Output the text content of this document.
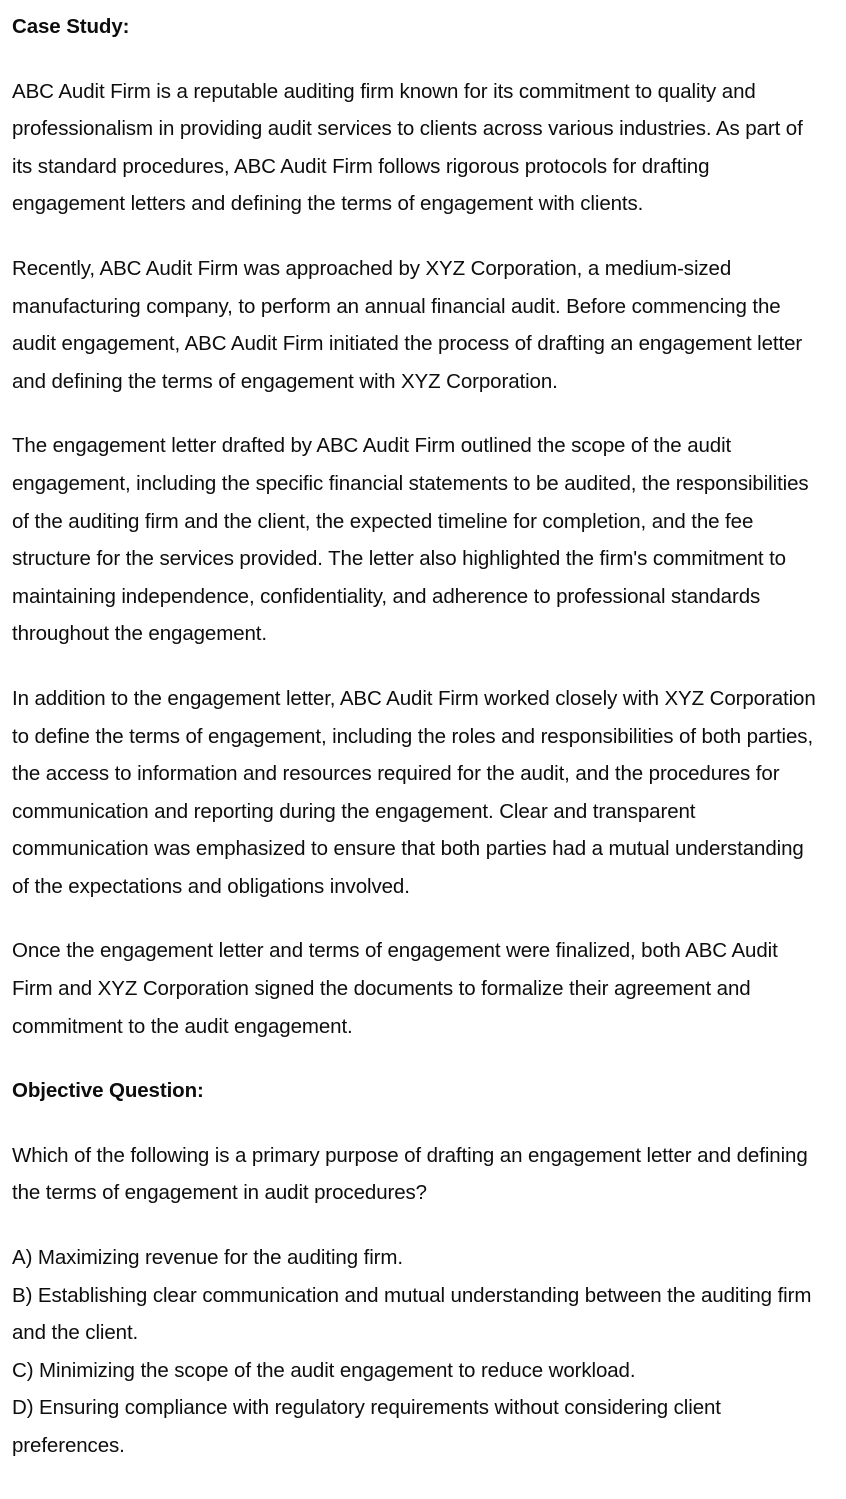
Case Study:

ABC Audit Firm is a reputable auditing firm known for its commitment to quality and professionalism in providing audit services to clients across various industries. As part of its standard procedures, ABC Audit Firm follows rigorous protocols for drafting engagement letters and defining the terms of engagement with clients.

Recently, ABC Audit Firm was approached by XYZ Corporation, a medium-sized manufacturing company, to perform an annual financial audit. Before commencing the audit engagement, ABC Audit Firm initiated the process of drafting an engagement letter and defining the terms of engagement with XYZ Corporation.

The engagement letter drafted by ABC Audit Firm outlined the scope of the audit engagement, including the specific financial statements to be audited, the responsibilities of the auditing firm and the client, the expected timeline for completion, and the fee structure for the services provided. The letter also highlighted the firm's commitment to maintaining independence, confidentiality, and adherence to professional standards throughout the engagement.

In addition to the engagement letter, ABC Audit Firm worked closely with XYZ Corporation to define the terms of engagement, including the roles and responsibilities of both parties, the access to information and resources required for the audit, and the procedures for communication and reporting during the engagement. Clear and transparent communication was emphasized to ensure that both parties had a mutual understanding of the expectations and obligations involved.

Once the engagement letter and terms of engagement were finalized, both ABC Audit Firm and XYZ Corporation signed the documents to formalize their agreement and commitment to the audit engagement.

Objective Question:

Which of the following is a primary purpose of drafting an engagement letter and defining the terms of engagement in audit procedures?

A) Maximizing revenue for the auditing firm.
B) Establishing clear communication and mutual understanding between the auditing firm and the client.
C) Minimizing the scope of the audit engagement to reduce workload.
D) Ensuring compliance with regulatory requirements without considering client preferences.
